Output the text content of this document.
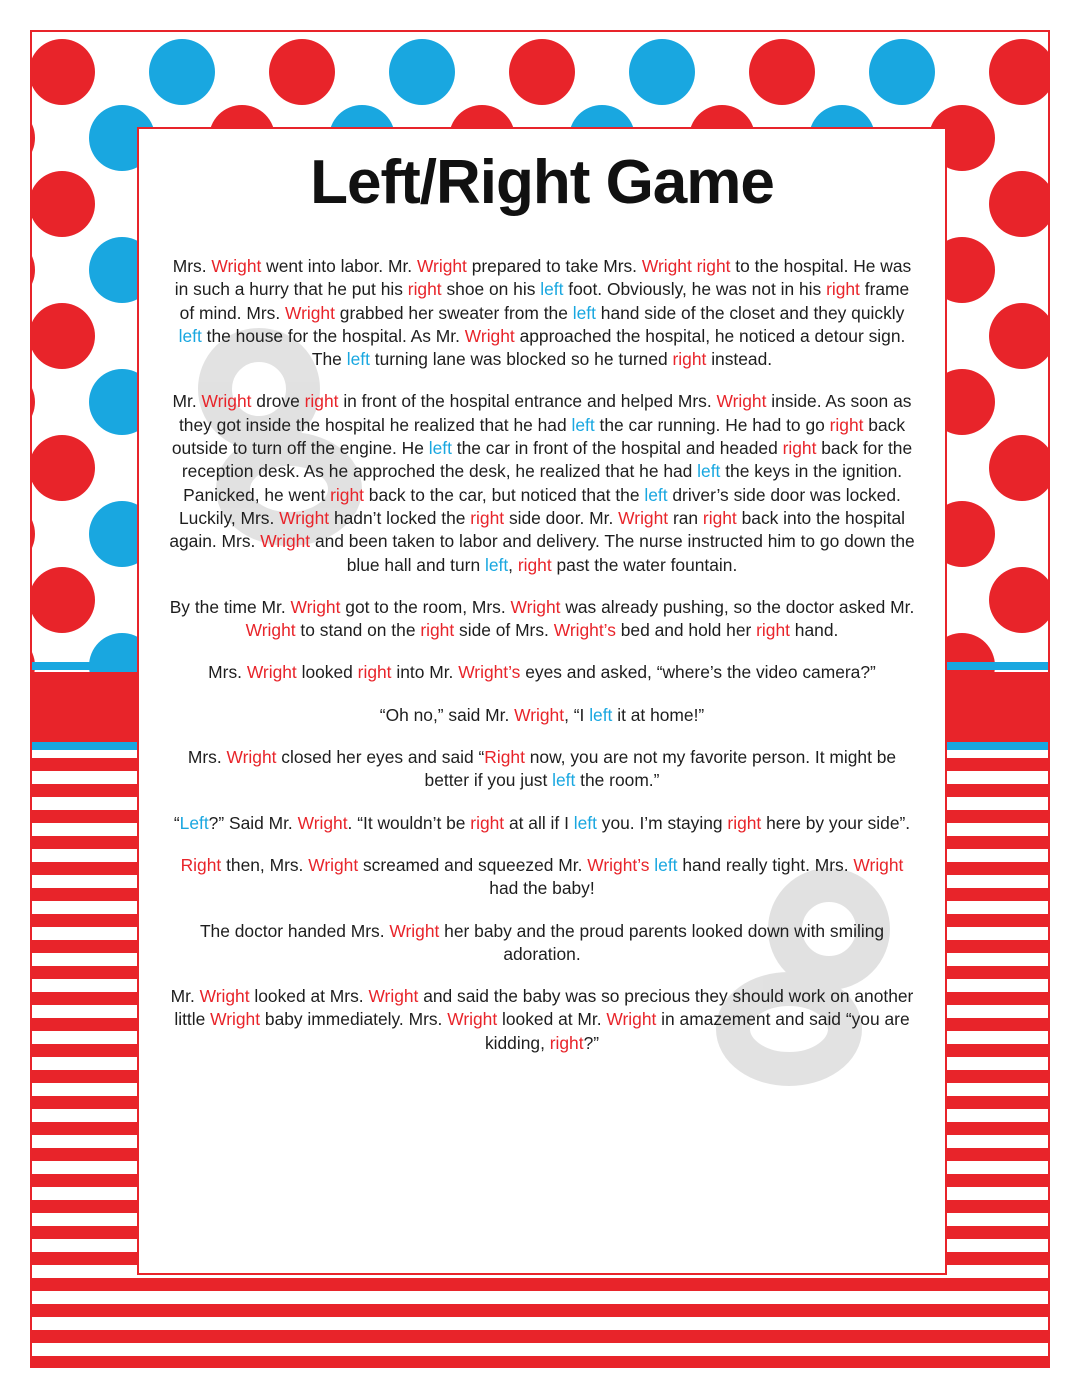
Left/Right Game

Mrs. Wright went into labor. Mr. Wright prepared to take Mrs. Wright right to the hospital. He was in such a hurry that he put his right shoe on his left foot. Obviously, he was not in his right frame of mind. Mrs. Wright grabbed her sweater from the left hand side of the closet and they quickly left the house for the hospital. As Mr. Wright approached the hospital, he noticed a detour sign. The left turning lane was blocked so he turned right instead.

Mr. Wright drove right in front of the hospital entrance and helped Mrs. Wright inside. As soon as they got inside the hospital he realized that he had left the car running. He had to go right back outside to turn off the engine. He left the car in front of the hospital and headed right back for the reception desk. As he approched the desk, he realized that he had left the keys in the ignition. Panicked, he went right back to the car, but noticed that the left driver’s side door was locked. Luckily, Mrs. Wright hadn’t locked the right side door. Mr. Wright ran right back into the hospital again. Mrs. Wright and been taken to labor and delivery. The nurse instructed him to go down the blue hall and turn left, right past the water fountain.

By the time Mr. Wright got to the room, Mrs. Wright was already pushing, so the doctor asked Mr. Wright to stand on the right side of Mrs. Wright’s bed and hold her right hand.

Mrs. Wright looked right into Mr. Wright’s eyes and asked, “where’s the video camera?”

“Oh no,” said Mr. Wright, “I left it at home!”

Mrs. Wright closed her eyes and said “Right now, you are not my favorite person. It might be better if you just left the room.”

“Left?” Said Mr. Wright. “It wouldn’t be right at all if I left you. I’m staying right here by your side”.

Right then, Mrs. Wright screamed and squeezed Mr. Wright’s left hand really tight. Mrs. Wright had the baby!

The doctor handed Mrs. Wright her baby and the proud parents looked down with smiling adoration.

Mr. Wright looked at Mrs. Wright and said the baby was so precious they should work on another little Wright baby immediately. Mrs. Wright looked at Mr. Wright in amazement and said “you are kidding, right?”
